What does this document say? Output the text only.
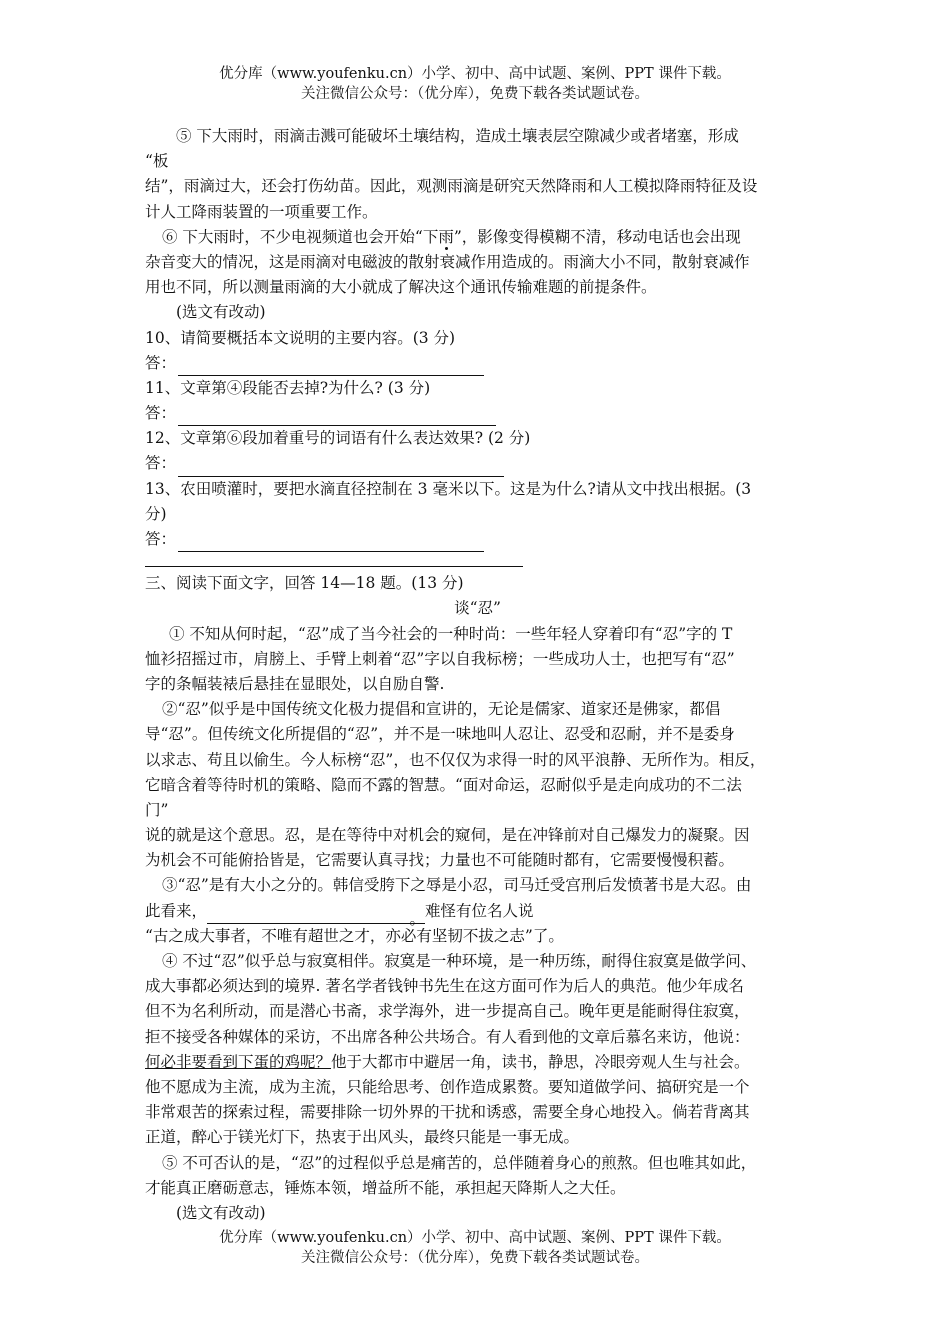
优分库（www.youfenku.cn）小学、初中、高中试题、案例、PPT 课件下载。
关注微信公众号：（优分库），免费下载各类试题试卷。
⑤ 下大雨时，雨滴击溅可能破坏土壤结构，造成土壤表层空隙减少或者堵塞，形成
“板
结”，雨滴过大，还会打伤幼苗。因此，观测雨滴是研究天然降雨和人工模拟降雨特征及设
计人工降雨装置的一项重要工作。
⑥ 下大雨时，不少电视频道也会开始“下雨”，影像变得模糊不清，移动电话也会出现
杂音变大的情况，这是雨滴对电磁波的散射衰减作用造成的。雨滴大小不同，散射衰减作
用也不同，所以测量雨滴的大小就成了解决这个通讯传输难题的前提条件。
(选文有改动)
10、请简要概括本文说明的主要内容。(3 分)
答：
11、文章第④段能否去掉?为什么? (3 分)
答：
12、文章第⑥段加着重号的词语有什么表达效果? (2 分)
答：
13、农田喷灌时，要把水滴直径控制在 3 毫米以下。这是为什么?请从文中找出根据。(3
分)
答：
三、阅读下面文字，回答 14—18 题。(13 分)
谈“忍”
① 不知从何时起，“忍”成了当今社会的一种时尚：一些年轻人穿着印有“忍”字的 T
恤衫招摇过市，肩膀上、手臂上刺着“忍”字以自我标榜；一些成功人士，也把写有“忍”
字的条幅装裱后悬挂在显眼处，以自励自警.
②“忍”似乎是中国传统文化极力提倡和宣讲的，无论是儒家、道家还是佛家，都倡
导“忍”。但传统文化所提倡的“忍”，并不是一味地叫人忍让、忍受和忍耐，并不是委身
以求志、苟且以偷生。今人标榜“忍”，也不仅仅为求得一时的风平浪静、无所作为。相反，
它暗含着等待时机的策略、隐而不露的智慧。“面对命运，忍耐似乎是走向成功的不二法
门”
说的就是这个意思。忍，是在等待中对机会的窥伺，是在冲锋前对自己爆发力的凝聚。因
为机会不可能俯拾皆是，它需要认真寻找；力量也不可能随时都有，它需要慢慢积蓄。
③“忍”是有大小之分的。韩信受胯下之辱是小忍，司马迁受宫刑后发愤著书是大忍。由
此看来，	。难怪有位名人说
“古之成大事者，不唯有超世之才，亦必有坚韧不拔之志”了。
④ 不过“忍”似乎总与寂寞相伴。寂寞是一种环境，是一种历练，耐得住寂寞是做学问、
成大事都必须达到的境界. 著名学者钱钟书先生在这方面可作为后人的典范。他少年成名
但不为名利所动，而是潜心书斋，求学海外，进一步提高自己。晚年更是能耐得住寂寞，
拒不接受各种媒体的采访，不出席各种公共场合。有人看到他的文章后慕名来访，他说：
何必非要看到下蛋的鸡呢？他于大都市中避居一角，读书，静思，冷眼旁观人生与社会。
他不愿成为主流，成为主流，只能给思考、创作造成累赘。要知道做学问、搞研究是一个
非常艰苦的探索过程，需要排除一切外界的干扰和诱惑，需要全身心地投入。倘若背离其
正道，醉心于镁光灯下，热衷于出风头，最终只能是一事无成。
⑤ 不可否认的是，“忍”的过程似乎总是痛苦的，总伴随着身心的煎熬。但也唯其如此，
才能真正磨砺意志，锤炼本领，增益所不能，承担起天降斯人之大任。
(选文有改动)
优分库（www.youfenku.cn）小学、初中、高中试题、案例、PPT 课件下载。
关注微信公众号：（优分库），免费下载各类试题试卷。
